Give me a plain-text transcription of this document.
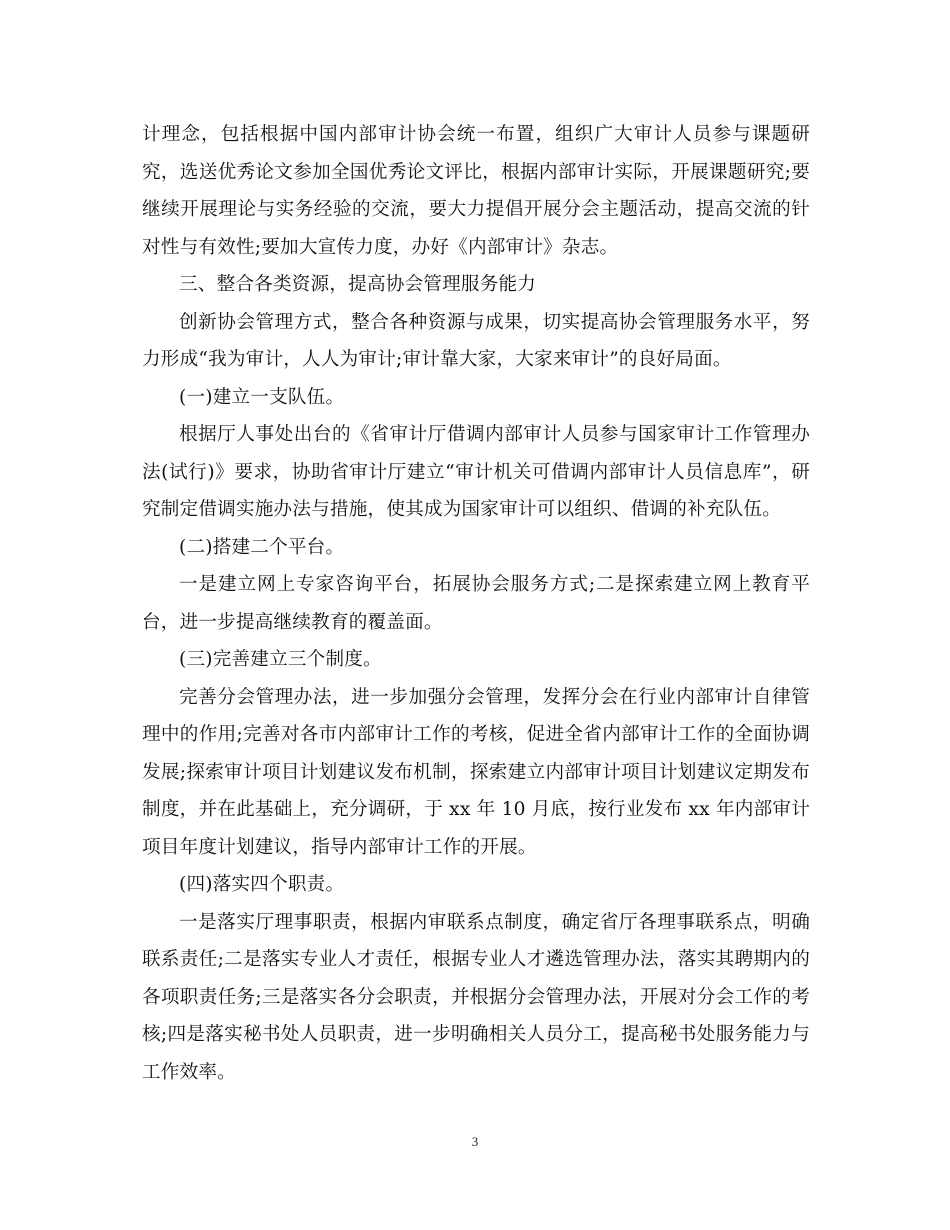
计理念，包括根据中国内部审计协会统一布置，组织广大审计人员参与课题研究，选送优秀论文参加全国优秀论文评比，根据内部审计实际，开展课题研究;要继续开展理论与实务经验的交流，要大力提倡开展分会主题活动，提高交流的针对性与有效性;要加大宣传力度，办好《内部审计》杂志。

三、整合各类资源，提高协会管理服务能力

创新协会管理方式，整合各种资源与成果，切实提高协会管理服务水平，努力形成“我为审计，人人为审计;审计靠大家，大家来审计”的良好局面。

(一)建立一支队伍。

根据厅人事处出台的《省审计厅借调内部审计人员参与国家审计工作管理办法(试行)》要求，协助省审计厅建立“审计机关可借调内部审计人员信息库”，研究制定借调实施办法与措施，使其成为国家审计可以组织、借调的补充队伍。

(二)搭建二个平台。

一是建立网上专家咨询平台，拓展协会服务方式;二是探索建立网上教育平台，进一步提高继续教育的覆盖面。

(三)完善建立三个制度。

完善分会管理办法，进一步加强分会管理，发挥分会在行业内部审计自律管理中的作用;完善对各市内部审计工作的考核，促进全省内部审计工作的全面协调发展;探索审计项目计划建议发布机制，探索建立内部审计项目计划建议定期发布制度，并在此基础上，充分调研，于 xx 年 10 月底，按行业发布 xx 年内部审计项目年度计划建议，指导内部审计工作的开展。

(四)落实四个职责。

一是落实厅理事职责，根据内审联系点制度，确定省厅各理事联系点，明确联系责任;二是落实专业人才责任，根据专业人才遴选管理办法，落实其聘期内的各项职责任务;三是落实各分会职责，并根据分会管理办法，开展对分会工作的考核;四是落实秘书处人员职责，进一步明确相关人员分工，提高秘书处服务能力与工作效率。

3
